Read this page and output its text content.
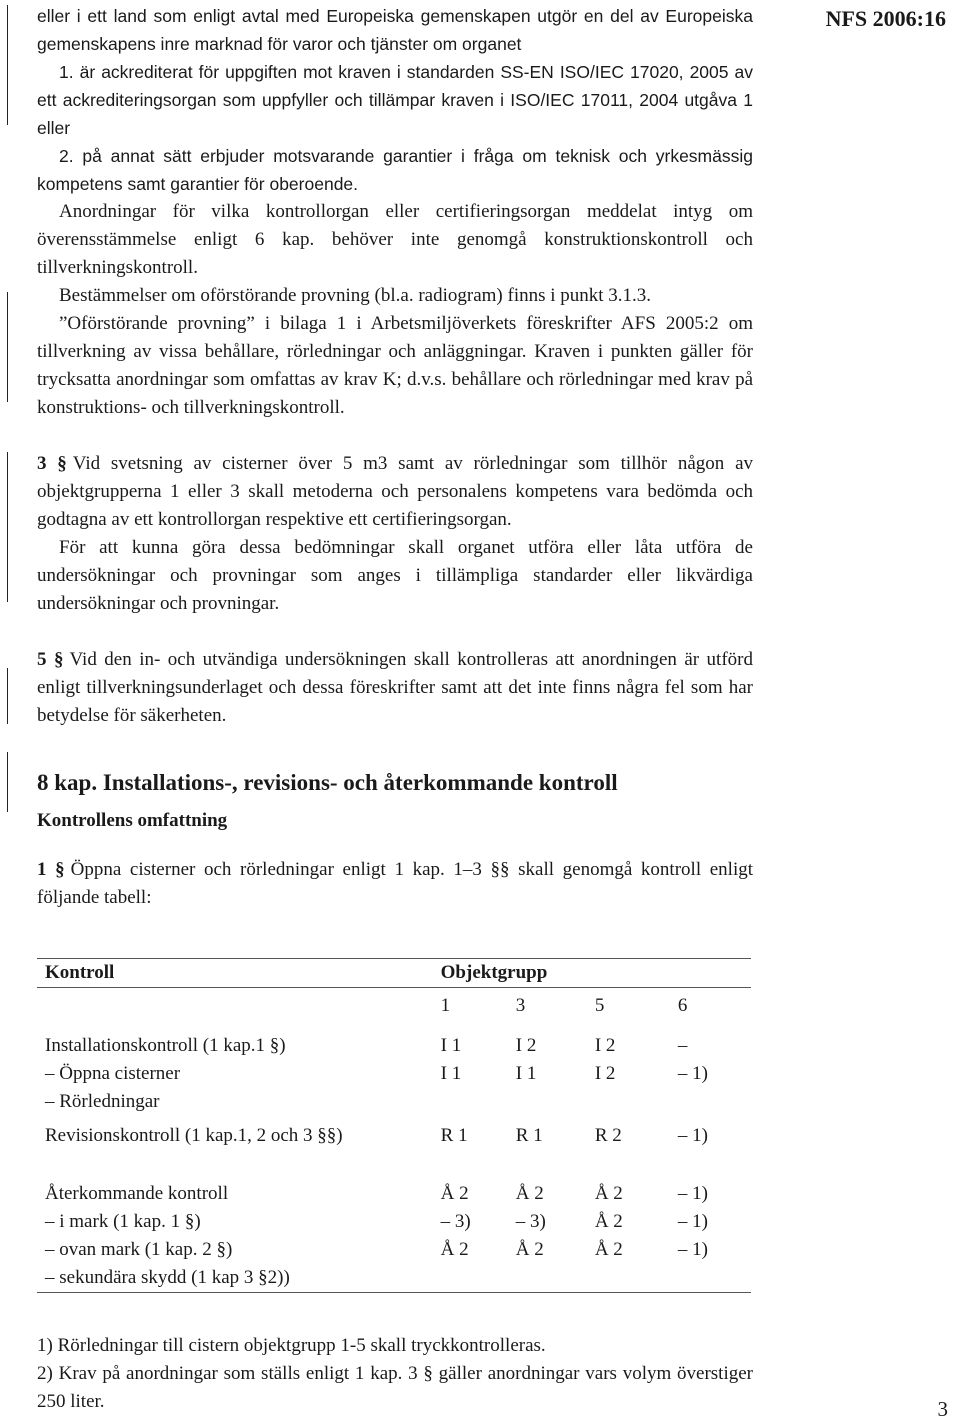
NFS 2006:16

eller i ett land som enligt avtal med Europeiska gemenskapen utgör en del av Europeiska gemenskapens inre marknad för varor och tjänster om organet

1. är ackrediterat för uppgiften mot kraven i standarden SS-EN ISO/IEC 17020, 2005 av ett ackrediteringsorgan som uppfyller och tillämpar kraven i ISO/IEC 17011, 2004 utgåva 1 eller

2. på annat sätt erbjuder motsvarande garantier i fråga om teknisk och yrkesmässig kompetens samt garantier för oberoende.

Anordningar för vilka kontrollorgan eller certifieringsorgan meddelat intyg om överensstämmelse enligt 6 kap. behöver inte genomgå konstruktionskontroll och tillverkningskontroll.

Bestämmelser om oförstörande provning (bl.a. radiogram) finns i punkt 3.1.3.

”Oförstörande provning” i bilaga 1 i Arbetsmiljöverkets föreskrifter AFS 2005:2 om tillverkning av vissa behållare, rörledningar och anläggningar. Kraven i punkten gäller för trycksatta anordningar som omfattas av krav K; d.v.s. behållare och rörledningar med krav på konstruktions- och tillverkningskontroll.

3 § Vid svetsning av cisterner över 5 m3 samt av rörledningar som tillhör någon av objektgrupperna 1 eller 3 skall metoderna och personalens kompetens vara bedömda och godtagna av ett kontrollorgan respektive ett certifieringsorgan.

För att kunna göra dessa bedömningar skall organet utföra eller låta utföra de undersökningar och provningar som anges i tillämpliga standarder eller likvärdiga undersökningar och provningar.

5 § Vid den in- och utvändiga undersökningen skall kontrolleras att anordningen är utförd enligt tillverkningsunderlaget och dessa föreskrifter samt att det inte finns några fel som har betydelse för säkerheten.

8 kap. Installations-, revisions- och återkommande kontroll

Kontrollens omfattning

1 § Öppna cisterner och rörledningar enligt 1 kap. 1–3 §§ skall genomgå kontroll enligt följande tabell:

Kontroll	Objektgrupp			
	1	3	5	6

Installationskontroll (1 kap.1 §)	I 1	I 2	I 2	–
– Öppna cisterner	I 1	I 1	I 2	– 1)
– Rörledningar				

Revisionskontroll (1 kap.1, 2 och 3 §§)	R 1	R 1	R 2	– 1)

Återkommande kontroll	Å 2	Å 2	Å 2	– 1)
– i mark (1 kap. 1 §)	– 3)	– 3)	Å 2	– 1)
– ovan mark (1 kap. 2 §)	Å 2	Å 2	Å 2	– 1)
– sekundära skydd (1 kap 3 §2))				

1) Rörledningar till cistern objektgrupp 1-5 skall tryckkontrolleras.

2) Krav på anordningar som ställs enligt 1 kap. 3 § gäller anordningar vars volym överstiger 250 liter.	3
